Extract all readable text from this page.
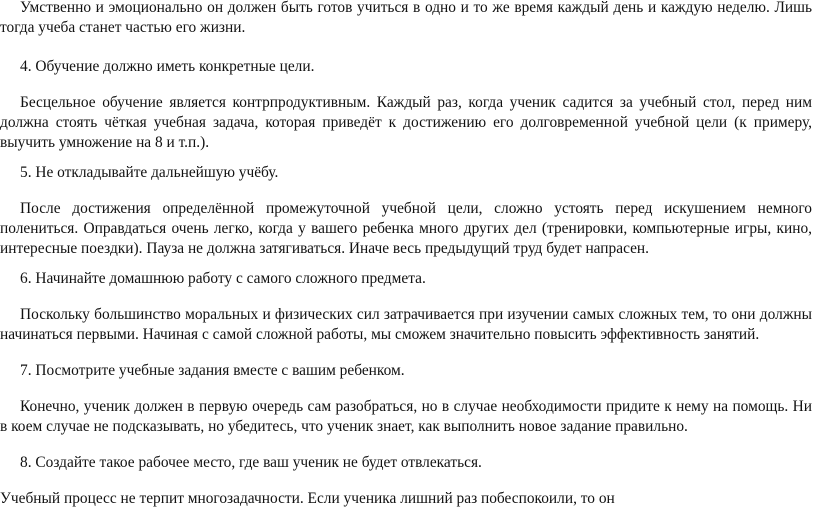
Умственно и эмоционально он должен быть готов учиться в одно и то же время каждый день и каждую неделю. Лишь
тогда учеба станет частью его жизни.
4. Обучение должно иметь конкретные цели.
Бесцельное обучение является контрпродуктивным. Каждый раз, когда ученик садится за учебный стол, перед ним
должна стоять чёткая учебная задача, которая приведёт к достижению его долговременной учебной цели (к примеру,
выучить умножение на 8 и т.п.).
5. Не откладывайте дальнейшую учёбу.
После достижения определённой промежуточной учебной цели, сложно устоять перед искушением немного
полениться. Оправдаться очень легко, когда у вашего ребенка много других дел (тренировки, компьютерные игры, кино,
интересные поездки). Пауза не должна затягиваться. Иначе весь предыдущий труд будет напрасен.
6. Начинайте домашнюю работу с самого сложного предмета.
Поскольку большинство моральных и физических сил затрачивается при изучении самых сложных тем, то они должны
начинаться первыми. Начиная с самой сложной работы, мы сможем значительно повысить эффективность занятий.
7. Посмотрите учебные задания вместе с вашим ребенком.
Конечно, ученик должен в первую очередь сам разобраться, но в случае необходимости придите к нему на помощь. Ни
в коем случае не подсказывать, но убедитесь, что ученик знает, как выполнить новое задание правильно.
8. Создайте такое рабочее место, где ваш ученик не будет отвлекаться.
Учебный процесс не терпит многозадачности. Если ученика лишний раз побеспокоили, то он
